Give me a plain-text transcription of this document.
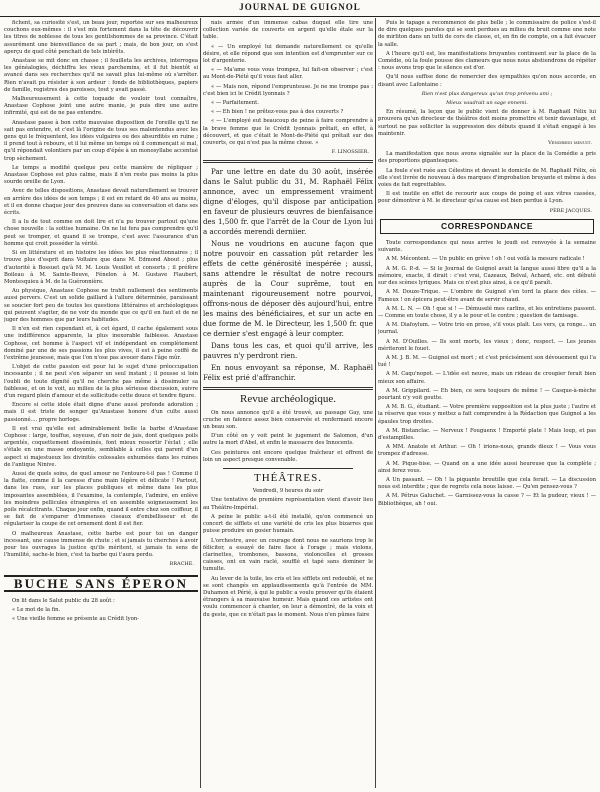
JOURNAL DE GUIGNOL

fichent, sa curiosité s'est, un beau jour, reportée sur ses malheureux couchons eux-mêmes : il s'est mis fortement dans la tête de découvrir les titres de noblesse de tous les gentilshommes de sa province. C'était assurément une bienveillance de sa part ; mais, de bon jour, on s'est aperçu de quel côté penchait de tels intérêts.

Anastase se mit donc en chasse ; il feuilleta les archives, interrogea les généalogies, déchiffra les vieux parchemins, et il fut bientôt si avancé dans ses recherches qu'il ne savait plus lui-même où s'arrêter. Rien n'avait pu résister à son ardeur : fonds de bibliothèques, papiers de famille, registres des paroisses, tout y avait passé.

Malheureusement à cette toquade de vouloir tout connaître, Anastase Cophose joint une autre manie, je puis dire une autre infirmité, qui est de ne pas entendre.

Anastase passe à bon cette mauvaise disposition de l'oreille qu'il ne sait pas entendre, et c'est là l'origine de tous ses malentendus avec les gens qui le fréquentent, les idées vulgaires ou des absurdités en ruine ; il prend tout à rebours, et il lui même un temps où il commençait si mal, qu'il répondait volontiers par un coup d'épée à un monosyllabe accentué trop sèchement.

Le temps a modifié quelque peu cette manière de répliquer ; Anastase Cophose est plus calme, mais il n'en reste pas moins la plus sourde oreille de Lyon.

Avec de telles dispositions, Anastase devait naturellement se trouver en arrière des idées de son temps ; il est en retard de 40 ans au moins, et il en donne chaque jour des preuves dans sa conversation et dans ses écrits.

Il a lu de tout comme on doit lire et n'a pu trouver partout qu'une chose nouvelle : la sottise humaine. On ne lui fera pas comprendre qu'il peut se tromper, et quand il se trompe, c'est avec l'assurance d'un homme qui croit posséder la vérité.

Si en littérature et en histoire les idées les plus réactionnaires ; il trouve plus d'esprit dans Voltaire que dans M. Edmond About ; plus d'autorité à Bossuet qu'à M. M. Louis Veuillot et consorts ; il préfère Boileau à M. Sainte-Beuve, Fénelon à M. Gustave Flaubert, Montesquieu à M. de la Guéronnière.

Au physique, Anastase Cophose ne trahit nullement des sentiments aussi pervers. C'est un solide gaillard à l'allure déterminée, paraissant se soucier fort peu de toutes les questions littéraires et archéologiques qui peuvent s'agiter, de ne voir du monde que ce qu'il en faut et de ne juger des hommes que par leurs habitudes.

Il n'en est rien cependant et, à cet égard, il cache également sous une indifférence apparente, la plus inexorable faiblesse. Anastase Cophose, cet homme à l'aspect vif et indépendant en complètement dominé par une de ses passions les plus vives, il est à peine coiffé de l'extrême jeunesse, mais que l'on n'ose pas avouer dans l'âge mûr.

L'objet de cette passion est pour lui le sujet d'une préoccupation incessante ; il ne peut s'en séparer un seul instant ; il pousse si loin l'oubli de toute dignité qu'il ne cherche pas même à dissimuler sa faiblesse, et on le voit, au milieu de la plus sérieuse discussion, suivre d'un regard plein d'amour et de sollicitude cette douce et tendre figure.

Encore si cette idole était digne d'une aussi profonde adoration ; mais il est triste de songer qu'Anastase honore d'un culte aussi passionné.... propre horloge.

Il est vrai qu'elle est admirablement belle la barbe d'Anastase Cophose : large, touffue, soyeuse, d'un noir de jais, dont quelques poils argentés, coquettement disséminés, font mieux ressortir l'éclat ; elle s'étale en une masse ondoyante, semblable à celles qui parent d'un aspect si majestueux les divinités colossales exhumées dans les ruines de l'antique Ninive.

Aussi de quels soins, de quel amour ne l'entoure-t-il pas ! Comme il la flatte, comme il la caresse d'une main légère et délicate ! Partout, dans les rues, sur les places publiques et même dans les plus imposantes assemblées, il l'examine, la contemple, l'admire, en enlève les moindres pellicules étrangères et en assemble soigneusement les poils récalcitrants. Chaque jour enfin, quand il entre chez son coiffeur, il se fait de s'emparer d'immenses ciseaux d'embellisseur et de régulariser la coupe de cet ornement dont il est fier.

O malheureux Anastase, cette barbe est pour toi un danger incessant, une cause immense de chute ; et si jamais tu cherches à avoir pour tes ouvrages la justice qu'ils méritent, si jamais tu sens de l'humilité, sache-le bien, c'est ta barbe qui t'aura perdu.

BRACHE.
BUCHE SANS ÉPERON

On lit dans le Salut public du 28 août :

« Le mot de la fin.

« Une vieille femme se présente au Crédit lyon-

nais armée d'un immense cabas duquel elle tire une collection variée de couverts en argent qu'elle étale sur la table.

« — Un employé lui demande naturellement ce qu'elle désire, et elle répond que son intention est d'emprunter sur ce lot d'argenterie.

« — Ma'ame vous vous trompez, lui fait-on observer ; c'est au Mont-de-Piété qu'il vous faut aller.

« — Mais non, répond l'emprunteuse. Je ne me trompe pas : c'est bien ici le Crédit lyonnais ?

« — Parfaitement.

« — Eh bien ! ne prêtez-vous pas à des couverts ?

« — L'employé eut beaucoup de peine à faire comprendre à la brave femme que le Crédit lyonnais prêtait, en effet, à découvert, et que c'était le Mont-de-Piété qui prêtait sur des couverts, ce qui n'est pas la même chose. »

F. LINOSSIER.

Par une lettre en date du 30 août, insérée dans le Salut public du 31, M. Raphaël Félix annonce, avec un empressement vraiment digne d'éloges, qu'il dispose par anticipation en faveur de plusieurs œuvres de bienfaisance des 1,500 fr. que l'arrêt de la Cour de Lyon lui a accordés merendi derniier.

Nous ne voudrions en aucune façon que notre pouvoir en cassation pût retarder les effets de cette générosité inespérée ; aussi, sans attendre le résultat de notre recours auprès de la Cour suprême, tout en maintenant rigoureusement notre pourvoi, offrons-nous de déposer dès aujourd'hui, entre les mains des bénéficiaires, et sur un acte en due forme de M. le Directeur, les 1,500 fr. que ce dernier s'est engagé à leur compter.

Dans tous les cas, et quoi qu'il arrive, les pauvres n'y perdront rien.

En nous envoyant sa réponse, M. Raphaël Félix est prié d'affranchir.

Revue archéologique.

On nous annonce qu'il a été trouvé, au passage Gay, une cruche en faïence assez bien conservée et renfermant encore un beau son.

D'un côté on y voit peint le jugement de Salomon, d'un autre la mort d'Abel, et enfin le massacre des Innocents.

Ces peintures ont encore quelque fraîcheur et offrent de loin un aspect presque convenable.

THÉÂTRES.

Vendredi, 9 heures du soir

Une tentative de première représentation vient d'avoir lieu au Théâtre-Impérial.

A peine le public a-t-il été installé, qu'on commencé un concert de sifflets et une variété de cris les plus bizarres que puisse produire un gosier humain.

L'orchestre, avec un courage dont nous ne saurions trop le féliciter, a essayé de faire face à l'orage ; mais violons, clarinettes, trombones, bassons, violoncelles et grosses caisses, ont en vain raclé, soufflé et tapé sans dominer le tumulte.

Au lever de la toile, les cris et les sifflets ont redoublé, et ne se sont changés en applaudissements qu'à l'entrée de MM. Duhamon et Périé, à qui le public a voulu prouver qu'ils étaient étrangers à sa mauvaise humeur. Mais quand ces artistes ont voulu commencer à chanter, on leur a démontré, de la voix et du geste, que ce n'était pas le moment. Nous n'en pûmes faire

Puis le tapage a recommencé de plus belle ; le commissaire de police s'est-il de dire quelques paroles qui se sont perdues au milieu du bruit comme une note de mirliton dans un tutti de cors de classe, et, en fin de compte, on a fait évacuer la salle.

A l'heure qu'il est, les manifestations bruyantes continuent sur la place de la Comédie, où la foule pousse des clameurs que nous nous abstiendrons de répéter : nous avons trop que le silence est d'or.

Qu'il nous suffise donc de remercier des sympathies qu'on nous accorde, en disant avec Lafontaine :

Rien n'est plus dangereux qu'un trop prévenu ami ;

Mieux vaudrait un sage ennemi.

En résumé, la leçon que le public vient de donner à M. Raphaël Félix lui prouvera qu'un directeur de théâtres doit moins promettre et tenir davantage, et surtout ne pas solliciter la suppression des débuts quand il s'était engagé à les maintenir.

Vendredi minuit.

La manifestation que nous avons signalée sur la place de la Comédie a pris des proportions gigantesques.

La foule s'est ruée aux Célestins et devant le domicile de M. Raphaël Félix, où elle s'est livrée de nouveau à des marques d'improbation bruyante et même à des voies de fait regrettables.

Il est inutile en effet de recourir aux coups de poing et aux vitres cassées, pour démontrer à M. le directeur qu'sa cause est bien perdue à Lyon.

PÈRE JACQUES.
CORRESPONDANCE

Toute correspondance qui nous arrive le jeudi est renvoyée à la semaine suivante.

A M. Mécontent. — Un public en grève ! oh ! oui voilà la mesure radicale !

A M. G. P.-d. — Si le Journal de Guignol avait la langue aussi libre qu'il a la mémoire, exacte, il dirait : c'est vrai, Cazeaux, Belval, Achard, etc. ont débuté sur des scènes lyriques. Mais ce n'est plus ainsi, à ce qu'il paraît.

A M. Douze-Trique. — L'ombre de Guignol s'en tord la place des cèles. — Fameux ! on épicera peut-être avant de servir chaud.

A M. L. N. — Oh ! que si ! — Démuselé mes carlins, et les entretiens passent. — Comme en toute chose, il y a le pour et le contre ; question de tamisage.

A M. Diafoylum. — Votre trio en prose, s'il vous plaît. Les vers, ça ronge... un journal.

A M. D'Ouilles. — Ils sont morts, les vieux ; donc, respect. — Les jeunes mériteront le fouet.

A M. J. B. M. — Guignol est mort ; et c'est précisément son dévouement qui l'a tué !

A M. Caqu'nopot. — L'idée est neuve, mais un rideau de croupier ferait bien mieux son affaire.

A M. Grippilard. — Eh bien, ce sera toujours de même ! — Casque-à-mèche pourtant n'y voit goutte.

A M. B. G., étudiant. — Votre première supposition est la plus juste ; l'autre et la réserve que vous y mettez a fait comprendre à la Rédaction que Guignol a les épaules trop droites.

A M. Bistanclac. — Nerveux ! Fouguenx ! Emporté plate ! Mais loup, et pas d'estampilles.

A MM. Anatole et Arthur. — Oh ! irions-nous, grands dieux ! — Vous vous trompez d'adresse.

A M. Pique-bise. — Quand on a une idée aussi heureuse que la complète ; ainsi ferez vous.

A Un passant. — Oh ! la piquante broutille que cela ferait. — La discussion nous est interdite ; que de regrets cela nous laisse. — Qu'en pensez-vous ?

A M. Pétrus Galuchet. — Garnissez-vous la casse ? — Et la pudeur, vieux ! — Bibliothèque, ah ! oui.
